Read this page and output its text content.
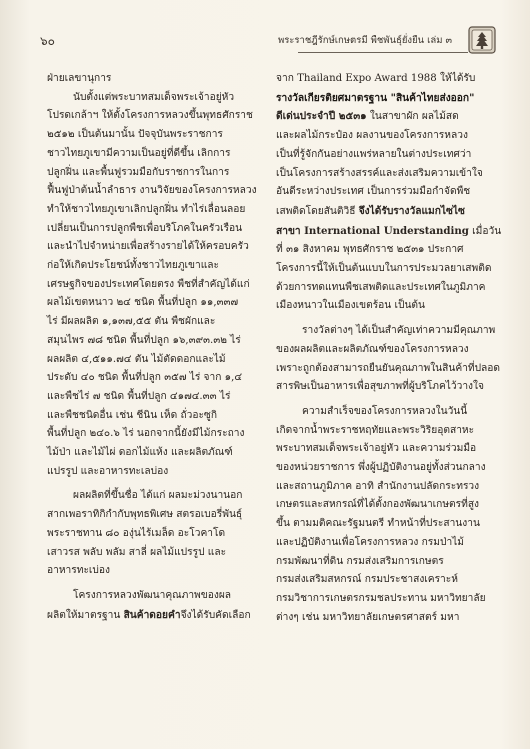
๖๐	พระราชฎีรักษ์เกษตรมี พืชพันธุ์ยั่งยืน เล่ม ๓
ฝ่ายเลขานุการ
นับตั้งแต่พระบาทสมเด็จพระเจ้าอยู่หัว
โปรดเกล้าฯ ให้ตั้งโครงการหลวงขึ้นพุทธศักราช
๒๕๑๒ เป็นต้นมานั้น ปัจจุบันพระราชการ
ชาวไทยภูเขามีความเป็นอยู่ที่ดีขึ้น เลิกการ
ปลูกฝิ่น และพื้นฟูรวมมือกับราชการในการ
ฟื้นฟูป่าต้นน้ำลำธาร งานวิจัยของโครงการหลวง
ทำให้ชาวไทยภูเขาเลิกปลูกฝิ่น ทำไร่เลื่อนลอย
เปลี่ยนเป็นการปลูกพืชเพื่อบริโภคในครัวเรือน
และนำไปจำหน่ายเพื่อสร้างรายได้ให้ครอบครัว
ก่อให้เกิดประโยชน์ทั้งชาวไทยภูเขาและ
เศรษฐกิจของประเทศโดยตรง พืชที่สำคัญได้แก่
ผลไม้เขตหนาว ๒๔ ชนิด พื้นที่ปลูก ๑๑,๓๓๗
ไร่ มีผลผลิต ๑,๑๓๗,๕๕ ตัน พืชผักและ
สมุนไพร ๗๘ ชนิด พื้นที่ปลูก ๑๖,๓๙๓.๓๒ ไร่
ผลผลิต ๔,๕๑๑.๗๔ ตัน ไม้ตัดดอกและไม้
ประดับ ๔๐ ชนิด พื้นที่ปลูก ๓๕๗ ไร่ จาก ๑,๔
และพืชไร่ ๗ ชนิด พื้นที่ปลูก ๔๑๗๔.๓๓ ไร่
และพืชชนิดอื่น เช่น ชีนิน เห็ด ถั่วอะซูกิ
พื้นที่ปลูก ๒๔๐.๖ ไร่ นอกจากนี้ยังมีไม้กระถาง
ไม้ป่า และไม้ไผ่ ดอกไม้แห้ง และผลิตภัณฑ์
แปรรูป และอาหารทะเลบ่อง
ผลผลิตที่ขึ้นชื่อ ได้แก่ ผลมะม่วงนานอก
สากเพอราทิกิกำกับพุทธพิเศษ สตรอเบอรี่พันธุ์
พระราชทาน ๘๐ องุ่นไร้เมล็ด อะโวคาโด
เสาวรส พลับ พลัม สาลี่ ผลไม้แปรรูป และ
อาหารทะเบ่อง
โครงการหลวงพัฒนาคุณภาพของผล
ผลิตให้มาตรฐาน สินค้าดอยคำจึงได้รับคัดเลือก
จาก Thailand Expo Award 1988 ให้ได้รับ
รางวัลเกียรติยศมาตรฐาน "สินค้าไทยส่งออก"
ดีเด่นประจำปี ๒๕๓๑ ในสาขาผัก ผลไม้สด
และผลไม้กระป๋อง ผลงานของโครงการหลวง
เป็นที่รู้จักกันอย่างแพร่หลายในต่างประเทศว่า
เป็นโครงการสร้างสรรค์และส่งเสริมความเข้าใจ
อันดีระหว่างประเทศ เป็นการร่วมมือกำจัดพืช
เสพติดโดยสันติวิธี จึงได้รับรางวัลแมกไซไซ
สาขา International Understanding เมื่อวัน
ที่ ๓๑ สิงหาคม พุทธศักราช ๒๕๓๑ ประกาศ
โครงการนี้ให้เป็นต้นแบบในการประมวลยาเสพติด
ด้วยการทดแทนพืชเสพติดและประเทศในภูมิภาค
เมืองหนาวในเมืองเขตร้อน เป็นต้น
รางวัลต่างๆ ได้เป็นสำคัญเท่าความมีคุณภาพ
ของผลผลิตและผลิตภัณฑ์ของโครงการหลวง
เพราะถูกต้องสามารถยืนยันคุณภาพในสินค้าที่ปลอด
สารพิษเป็นอาหารเพื่อสุขภาพที่ผู้บริโภคไว้วางใจ
ความสำเร็จของโครงการหลวงในวันนี้
เกิดจากน้ำพระราชหฤทัยและพระวิริยอุตสาหะ
พระบาทสมเด็จพระเจ้าอยู่หัว และความร่วมมือ
ของหน่วยราชการ พึ่งผู้ปฏิบัติงานอยู่ทั้งส่วนกลาง
และสถานภูมิภาค อาทิ สำนักงานปลัดกระทรวง
เกษตรและสหกรณ์ที่ได้ตั้งกองพัฒนาเกษตรที่สูง
ขึ้น ตามมติคณะรัฐมนตรี ทำหน้าที่ประสานงาน
และปฏิบัติงานเพื่อโครงการหลวง กรมป่าไม้
กรมพัฒนาที่ดิน กรมส่งเสริมการเกษตร
กรมส่งเสริมสหกรณ์ กรมประชาสงเคราะห์
กรมวิชาการเกษตรกรมชลประทาน มหาวิทยาลัย
ต่างๆ เช่น มหาวิทยาลัยเกษตรศาสตร์ มหา
